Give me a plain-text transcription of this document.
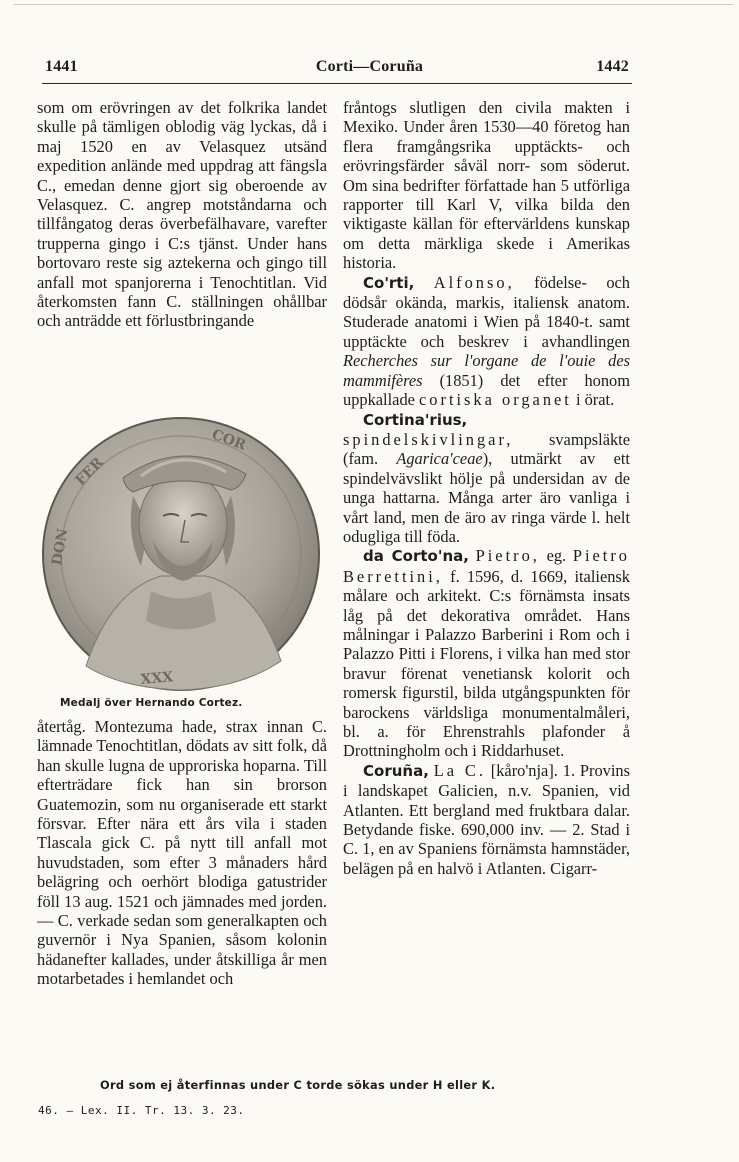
1441	Corti—Coruña	1442

som om erövringen av det folkrika landet skulle på tämligen oblodig väg lyckas, då i maj 1520 en av Velasquez utsänd expedition anlände med uppdrag att fängsla C., emedan denne gjort sig oberoende av Velasquez. C. angrep motståndarna och tillfångatog deras överbefälhavare, varefter trupperna gingo i C:s tjänst. Under hans bortovaro reste sig aztekerna och gingo till anfall mot spanjorerna i Tenochtitlan. Vid återkomsten fann C. ställningen ohållbar och anträdde ett förlustbringande

COR
DON
XXX
FER
Medalj över Hernando Cortez.

återtåg. Montezuma hade, strax innan C. lämnade Tenochtitlan, dödats av sitt folk, då han skulle lugna de upproriska hoparna. Till efterträdare fick han sin brorson Guatemozin, som nu organiserade ett starkt försvar. Efter nära ett års vila i staden Tlascala gick C. på nytt till anfall mot huvudstaden, som efter 3 månaders hård belägring och oerhört blodiga gatustrider föll 13 aug. 1521 och jämnades med jorden. — C. verkade sedan som generalkapten och guvernör i Nya Spanien, såsom kolonin hädanefter kallades, under åtskilliga år men motarbetades i hemlandet och

fråntogs slutligen den civila makten i Mexiko. Under åren 1530—40 företog han flera framgångsrika upptäckts- och erövringsfärder såväl norr- som söderut. Om sina bedrifter författade han 5 utförliga rapporter till Karl V, vilka bilda den viktigaste källan för eftervärldens kunskap om detta märkliga skede i Amerikas historia.

Co'rti, Alfonso, födelse- och dödsår okända, markis, italiensk anatom. Studerade anatomi i Wien på 1840-t. samt upptäckte och beskrev i avhandlingen Recherches sur l'organe de l'ouie des mammifères (1851) det efter honom uppkallade cortiska organet i örat.

Cortina'rius, spindelskivlingar, svampsläkte (fam. Agarica'ceae), utmärkt av ett spindelvävslikt hölje på undersidan av de unga hattarna. Många arter äro vanliga i vårt land, men de äro av ringa värde l. helt odugliga till föda.

da Corto'na, Pietro, eg. Pietro Berrettini, f. 1596, d. 1669, italiensk målare och arkitekt. C:s förnämsta insats låg på det dekorativa området. Hans målningar i Palazzo Barberini i Rom och i Palazzo Pitti i Florens, i vilka han med stor bravur förenat venetiansk kolorit och romersk figurstil, bilda utgångspunkten för barockens världsliga monumentalmåleri, bl. a. för Ehrenstrahls plafonder å Drottningholm och i Riddarhuset.

Coruña, La C. [kåro'nja]. 1. Provins i landskapet Galicien, n.v. Spanien, vid Atlanten. Ett bergland med fruktbara dalar. Betydande fiske. 690,000 inv. — 2. Stad i C. 1, en av Spaniens förnämsta hamnstäder, belägen på en halvö i Atlanten. Cigarr-

Ord som ej återfinnas under C torde sökas under H eller K.
46. — Lex. II. Tr. 13. 3. 23.
